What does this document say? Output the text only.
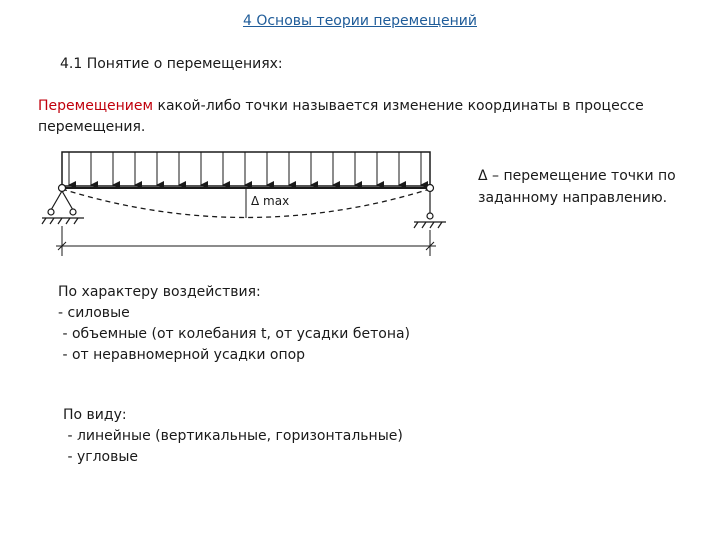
4 Основы теории перемещений
4.1 Понятие о перемещениях:
Перемещением какой-либо точки называется изменение координаты в процессе перемещения.
Δ max
Δ – перемещение точки по
заданному направлению.
По характеру воздействия:
- силовые
- объемные (от колебания t, от усадки бетона)
- от неравномерной усадки опор
По виду:
- линейные (вертикальные, горизонтальные)
- угловые
